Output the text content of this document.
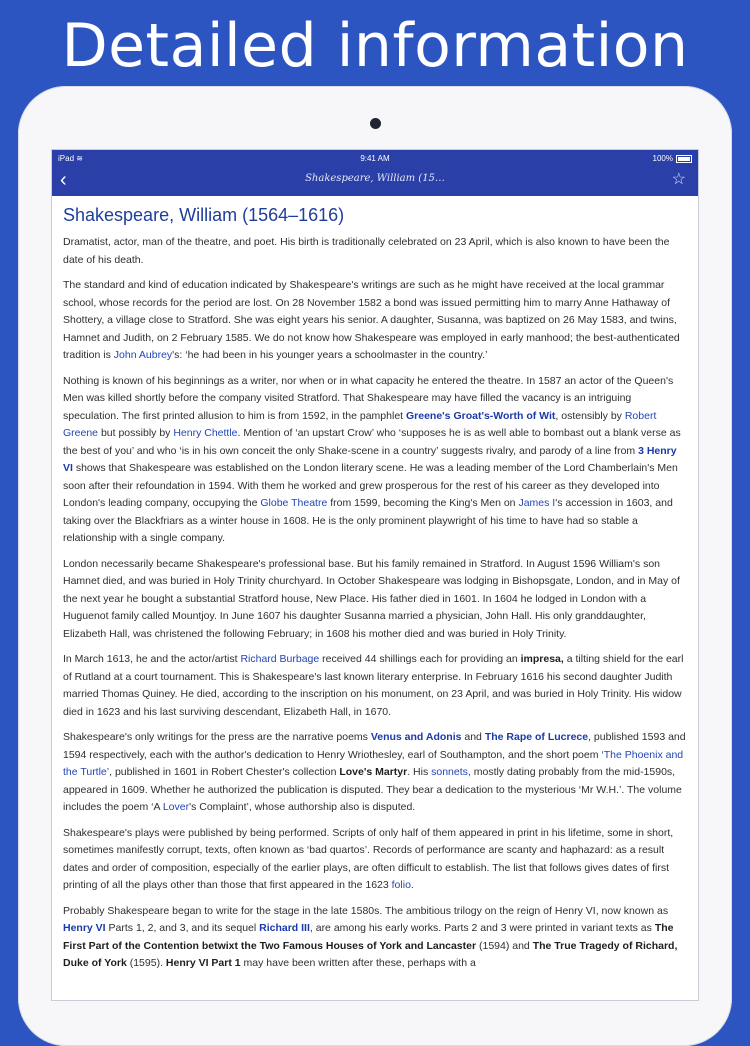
Detailed information
iPad ≋	9:41 AM	100%
‹	Shakespeare, William (15…	☆
Shakespeare, William (1564–1616)

Dramatist, actor, man of the theatre, and poet. His birth is traditionally celebrated on 23 April, which is also known to have been the date of his death.

The standard and kind of education indicated by Shakespeare's writings are such as he might have received at the local grammar school, whose records for the period are lost. On 28 November 1582 a bond was issued permitting him to marry Anne Hathaway of Shottery, a village close to Stratford. She was eight years his senior. A daughter, Susanna, was baptized on 26 May 1583, and twins, Hamnet and Judith, on 2 February 1585. We do not know how Shakespeare was employed in early manhood; the best-authenticated tradition is John Aubrey's: ‘he had been in his younger years a schoolmaster in the country.’

Nothing is known of his beginnings as a writer, nor when or in what capacity he entered the theatre. In 1587 an actor of the Queen's Men was killed shortly before the company visited Stratford. That Shakespeare may have filled the vacancy is an intriguing speculation. The first printed allusion to him is from 1592, in the pamphlet Greene's Groat's-Worth of Wit, ostensibly by Robert Greene but possibly by Henry Chettle. Mention of ‘an upstart Crow’ who ‘supposes he is as well able to bombast out a blank verse as the best of you’ and who ‘is in his own conceit the only Shake-scene in a country’ suggests rivalry, and parody of a line from 3 Henry VI shows that Shakespeare was established on the London literary scene. He was a leading member of the Lord Chamberlain's Men soon after their refoundation in 1594. With them he worked and grew prosperous for the rest of his career as they developed into London's leading company, occupying the Globe Theatre from 1599, becoming the King's Men on James I's accession in 1603, and taking over the Blackfriars as a winter house in 1608. He is the only prominent playwright of his time to have had so stable a relationship with a single company.

London necessarily became Shakespeare's professional base. But his family remained in Stratford. In August 1596 William's son Hamnet died, and was buried in Holy Trinity churchyard. In October Shakespeare was lodging in Bishopsgate, London, and in May of the next year he bought a substantial Stratford house, New Place. His father died in 1601. In 1604 he lodged in London with a Huguenot family called Mountjoy. In June 1607 his daughter Susanna married a physician, John Hall. His only granddaughter, Elizabeth Hall, was christened the following February; in 1608 his mother died and was buried in Holy Trinity.

In March 1613, he and the actor/artist Richard Burbage received 44 shillings each for providing an impresa, a tilting shield for the earl of Rutland at a court tournament. This is Shakespeare's last known literary enterprise. In February 1616 his second daughter Judith married Thomas Quiney. He died, according to the inscription on his monument, on 23 April, and was buried in Holy Trinity. His widow died in 1623 and his last surviving descendant, Elizabeth Hall, in 1670.

Shakespeare's only writings for the press are the narrative poems Venus and Adonis and The Rape of Lucrece, published 1593 and 1594 respectively, each with the author's dedication to Henry Wriothesley, earl of Southampton, and the short poem ‘The Phoenix and the Turtle’, published in 1601 in Robert Chester's collection Love's Martyr. His sonnets, mostly dating probably from the mid-1590s, appeared in 1609. Whether he authorized the publication is disputed. They bear a dedication to the mysterious ‘Mr W.H.’. The volume includes the poem ‘A Lover's Complaint’, whose authorship also is disputed.

Shakespeare's plays were published by being performed. Scripts of only half of them appeared in print in his lifetime, some in short, sometimes manifestly corrupt, texts, often known as ‘bad quartos’. Records of performance are scanty and haphazard: as a result dates and order of composition, especially of the earlier plays, are often difficult to establish. The list that follows gives dates of first printing of all the plays other than those that first appeared in the 1623 folio.

Probably Shakespeare began to write for the stage in the late 1580s. The ambitious trilogy on the reign of Henry VI, now known as Henry VI Parts 1, 2, and 3, and its sequel Richard III, are among his early works. Parts 2 and 3 were printed in variant texts as The First Part of the Contention betwixt the Two Famous Houses of York and Lancaster (1594) and The True Tragedy of Richard, Duke of York (1595). Henry VI Part 1 may have been written after these, perhaps with a
